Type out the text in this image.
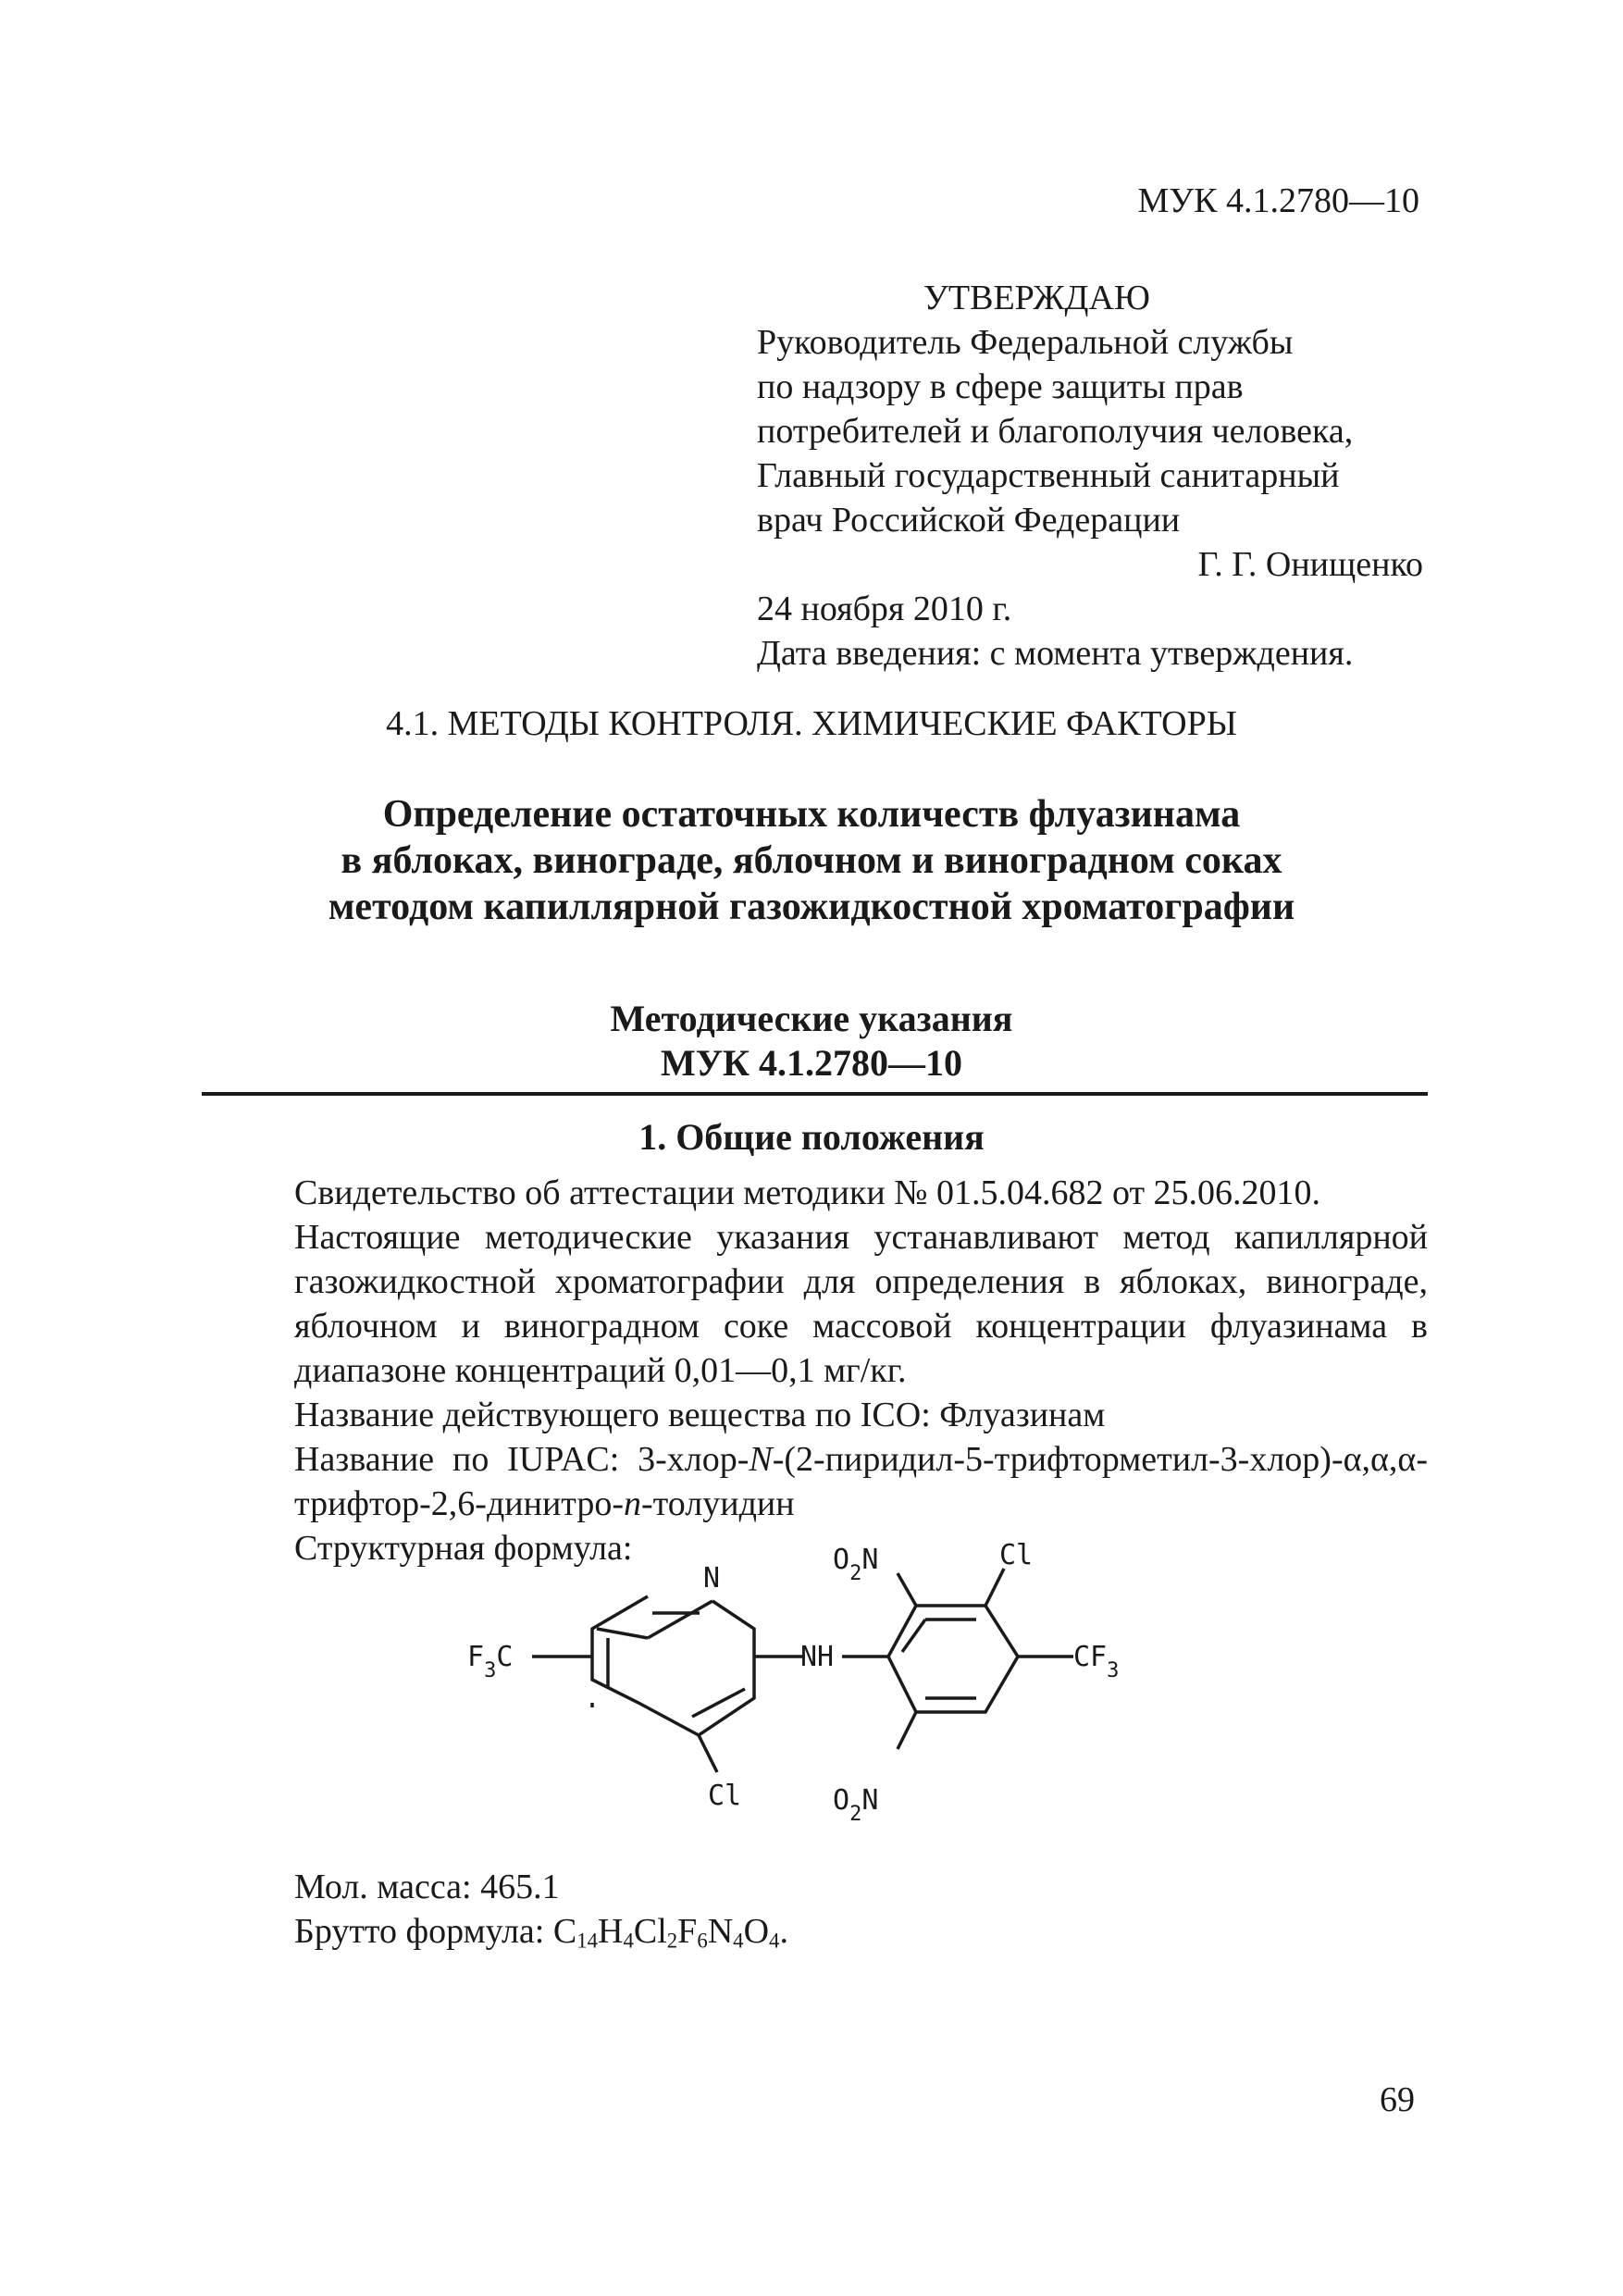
МУК 4.1.2780—10
УТВЕРЖДАЮ
Руководитель Федеральной службы
по надзору в сфере защиты прав
потребителей и благополучия человека,
Главный государственный санитарный
врач Российской Федерации
Г. Г. Онищенко
24 ноября 2010 г.
Дата введения: с момента утверждения.
4.1. МЕТОДЫ КОНТРОЛЯ. ХИМИЧЕСКИЕ ФАКТОРЫ
Определение остаточных количеств флуазинама
в яблоках, винограде, яблочном и виноградном соках
методом капиллярной газожидкостной хроматографии
Методические указания
МУК 4.1.2780—10
1. Общие положения

Свидетельство об аттестации методики № 01.5.04.682 от 25.06.2010.

Настоящие методические указания устанавливают метод капиллярной газожидкостной хроматографии для определения в яблоках, винограде, яблочном и виноградном соке массовой концентрации флуазинама в диапазоне концентраций 0,01—0,1 мг/кг.

Название действующего вещества по ICO: Флуазинам

Название по IUPAC: 3-хлор-N-(2-пиридил-5-трифторметил-3-хлор)-α,α,α-трифтор-2,6-динитро-п-толуидин

Структурная формула:	$O_2N$	Cl
N
$F_3C$	NH	$CF_3$
Cl	$O_2N$
Мол. масса: 465.1
Брутто формула: $C_{14}H_4Cl_2F_6N_4O_4$.
69
